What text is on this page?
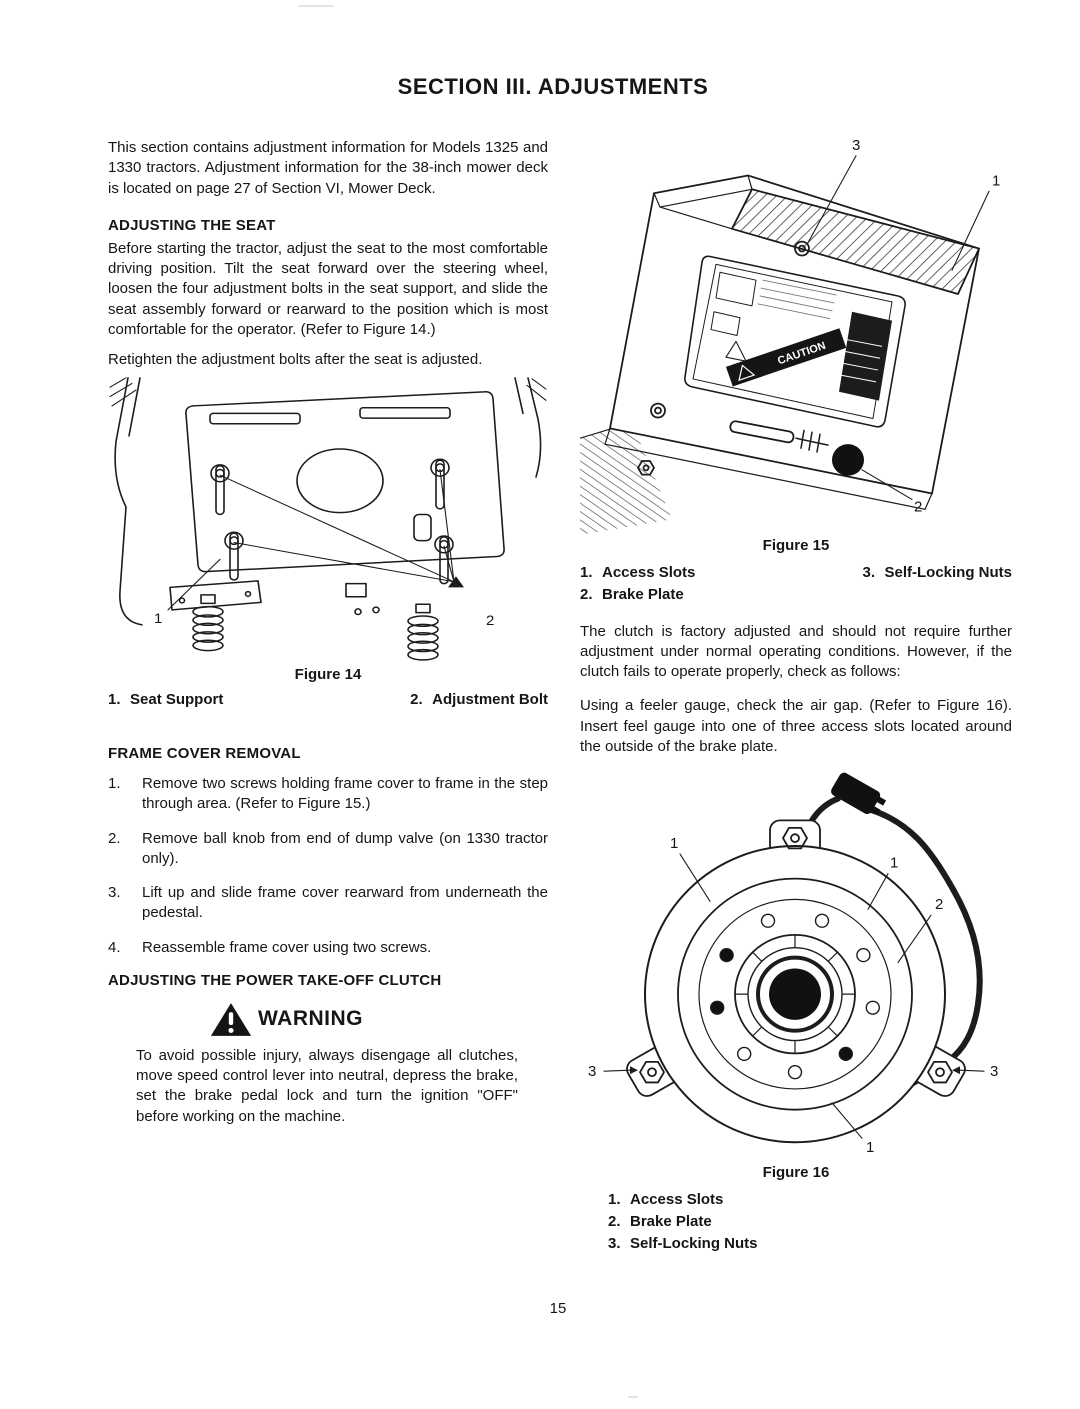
SECTION III. ADJUSTMENTS

This section contains adjustment information for Models 1325 and 1330 tractors. Adjustment information for the 38-inch mower deck is located on page 27 of Section VI, Mower Deck.

ADJUSTING THE SEAT

Before starting the tractor, adjust the seat to the most comfortable driving position. Tilt the seat forward over the steering wheel, loosen the four adjustment bolts in the seat support, and slide the seat assembly forward or rearward to the position which is most comfortable for the operator. (Refer to Figure 14.)

Retighten the adjustment bolts after the seat is adjusted.

1	2
Figure 14
1. Seat Support	2. Adjustment Bolt
FRAME COVER REMOVAL
1.	Remove two screws holding frame cover to frame in the step through area. (Refer to Figure 15.)
2.	Remove ball knob from end of dump valve (on 1330 tractor only).
3.	Lift up and slide frame cover rearward from underneath the pedestal.
4.	Reassemble frame cover using two screws.
ADJUSTING THE POWER TAKE-OFF CLUTCH
WARNING

To avoid possible injury, always disengage all clutches, move speed control lever into neutral, depress the brake, set the brake pedal lock and turn the ignition "OFF" before working on the machine.

CAUTION
3
1
2
Figure 15
1. Access Slots
2. Brake Plate
3. Self-Locking Nuts

The clutch is factory adjusted and should not require further adjustment under normal operating conditions. However, if the clutch fails to operate properly, check as follows:

Using a feeler gauge, check the air gap. (Refer to Figure 16). Insert feel gauge into one of three access slots located around the outside of the brake plate.

3	3
1
1
2
1
Figure 16
1. Access Slots
2. Brake Plate
3. Self-Locking Nuts
15
